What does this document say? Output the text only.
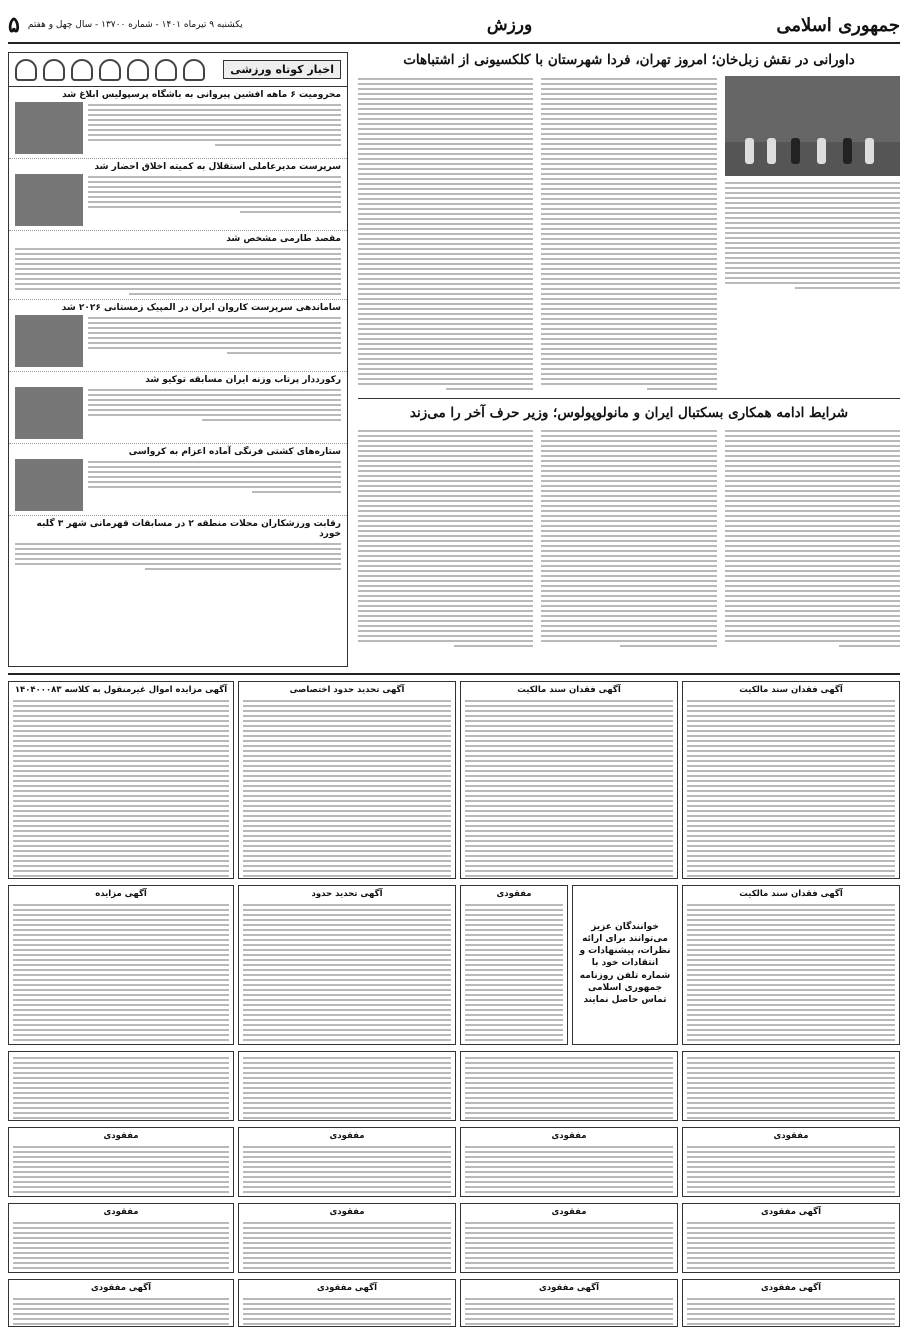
جمهوری اسلامی
ورزش
یکشنبه ۹ تیرماه ۱۴۰۱ - شماره ۱۳۷۰۰ - سال چهل و هفتم
۵
داورانی در نقش زبل‌خان؛ امروز تهران، فردا شهرستان با کلکسیونی از اشتباهات
شرایط ادامه همکاری بسکتبال ایران و مانولوپولوس؛ وزیر حرف آخر را می‌زند
اخبار کوتاه ورزشی
محرومیت ۶ ماهه افشین پیروانی به باشگاه پرسپولیس ابلاغ شد
سرپرست مدیرعاملی استقلال به کمیته اخلاق احضار شد
مقصد طارمی مشخص شد
ساماندهی سرپرست کاروان ایران در المپیک زمستانی ۲۰۲۶ شد
رکورددار پرتاب وزنه ایران مسابقه توکیو شد
ستاره‌های کشتی فرنگی آماده اعزام به کرواسی
رقابت ورزشکاران محلات منطقه ۲ در مسابقات قهرمانی شهر ۳ گلبه خورد
آگهی فقدان سند مالکیت
آگهی فقدان سند مالکیت
آگهی تحدید حدود اختصاصی
آگهی مزایده اموال غیرمنقول به کلاسه ۱۴۰۴۰۰۰۸۳
آگهی فقدان سند مالکیت
خوانندگان عزیز می‌توانند برای ارائه نظرات، پیشنهادات و انتقادات خود با شماره تلفن روزنامه جمهوری اسلامی تماس حاصل نمایند
مفقودی
آگهی تحدید حدود
آگهی مزایده
مفقودی
مفقودی
مفقودی
مفقودی
آگهی مفقودی
مفقودی
مفقودی
مفقودی
آگهی مفقودی
آگهی مفقودی
آگهی مفقودی
آگهی مفقودی
